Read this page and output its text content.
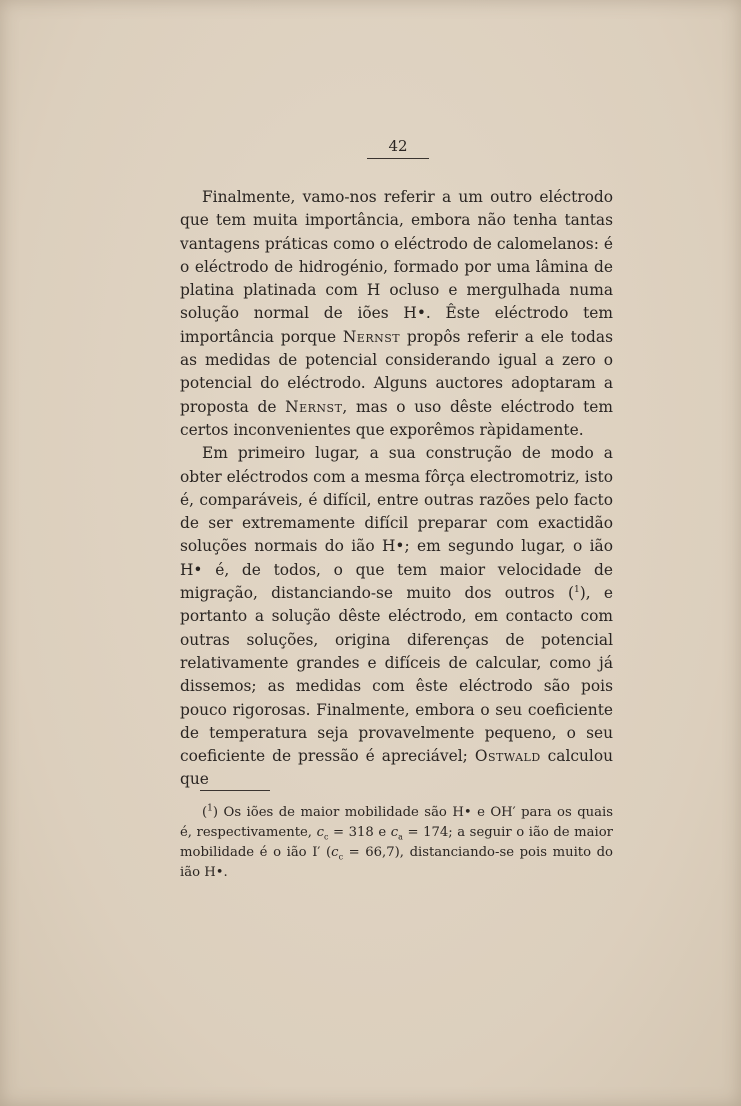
42

Finalmente, vamo-nos referir a um outro eléctrodo que tem muita importância, embora não tenha tantas vantagens práticas como o eléctrodo de calomelanos: é o eléctrodo de hidrogénio, formado por uma lâmina de platina platinada com H ocluso e mergulhada numa solução normal de iões H•. Êste eléctrodo tem importância porque Nernst propôs referir a ele todas as medidas de potencial considerando igual a zero o potencial do eléctrodo. Alguns auctores adoptaram a proposta de Nernst, mas o uso dêste eléctrodo tem certos inconvenientes que exporêmos ràpidamente.

Em primeiro lugar, a sua construção de modo a obter eléctrodos com a mesma fôrça electromotriz, isto é, comparáveis, é difícil, entre outras razões pelo facto de ser extremamente difícil preparar com exactidão soluções normais do ião H•; em segundo lugar, o ião H• é, de todos, o que tem maior velocidade de migração, distanciando-se muito dos outros ($^1$), e portanto a solução dêste eléctrodo, em contacto com outras soluções, origina diferenças de potencial relativamente grandes e difíceis de calcular, como já dissemos; as medidas com êste eléctrodo são pois pouco rigorosas. Finalmente, embora o seu coeficiente de temperatura seja provavelmente pequeno, o seu coeficiente de pressão é apreciável; Ostwald calculou que

($^1$) Os iões de maior mobilidade são H• e OH′ para os quais é, respectivamente, $c_c = 318$ e $c_a = 174$; a seguir o ião de maior mobilidade é o ião I′ $(c_c = 66,7)$, distanciando-se pois muito do ião H•.
